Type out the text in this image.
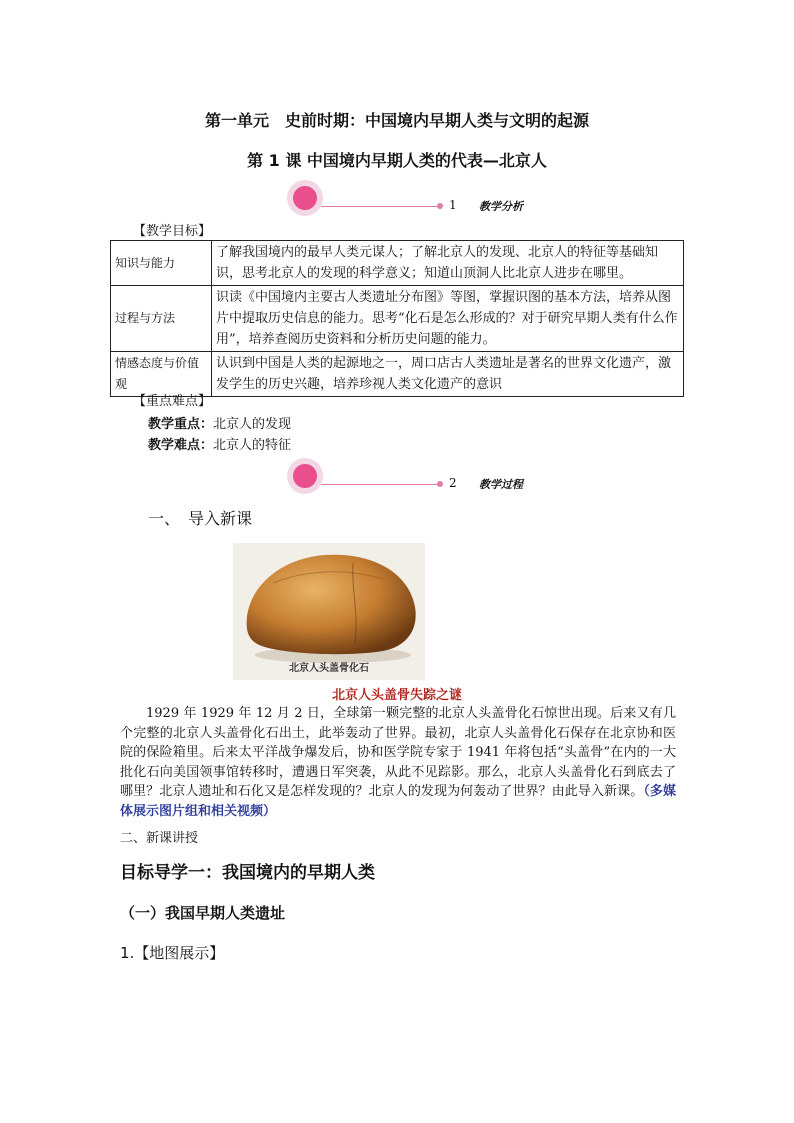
第一单元　史前时期：中国境内早期人类与文明的起源
第 1 课 中国境内早期人类的代表—北京人
1 教学分析
【教学目标】
知识与能力	了解我国境内的最早人类元谋人；了解北京人的发现、北京人的特征等基础知识，思考北京人的发现的科学意义；知道山顶洞人比北京人进步在哪里。
过程与方法	识读《中国境内主要古人类遗址分布图》等图，掌握识图的基本方法，培养从图片中提取历史信息的能力。思考“化石是怎么形成的？对于研究早期人类有什么作用”，培养查阅历史资料和分析历史问题的能力。
情感态度与价值观	认识到中国是人类的起源地之一，周口店古人类遗址是著名的世界文化遗产，激发学生的历史兴趣，培养珍视人类文化遗产的意识
【重点难点】
教学重点：北京人的发现
教学难点：北京人的特征
2 教学过程
一、　导入新课
北京人头盖骨化石
北京人头盖骨失踪之谜
1929 年 1929 年 12 月 2 日，全球第一颗完整的北京人头盖骨化石惊世出现。后来又有几个完整的北京人头盖骨化石出土，此举轰动了世界。最初，北京人头盖骨化石保存在北京协和医院的保险箱里。后来太平洋战争爆发后，协和医学院专家于 1941 年将包括“头盖骨”在内的一大批化石向美国领事馆转移时，遭遇日军突袭，从此不见踪影。那么，北京人头盖骨化石到底去了哪里？北京人遗址和石化又是怎样发现的？北京人的发现为何轰动了世界？由此导入新课。（多媒体展示图片组和相关视频）
二、新课讲授
目标导学一：我国境内的早期人类
（一）我国早期人类遗址
1.【地图展示】
